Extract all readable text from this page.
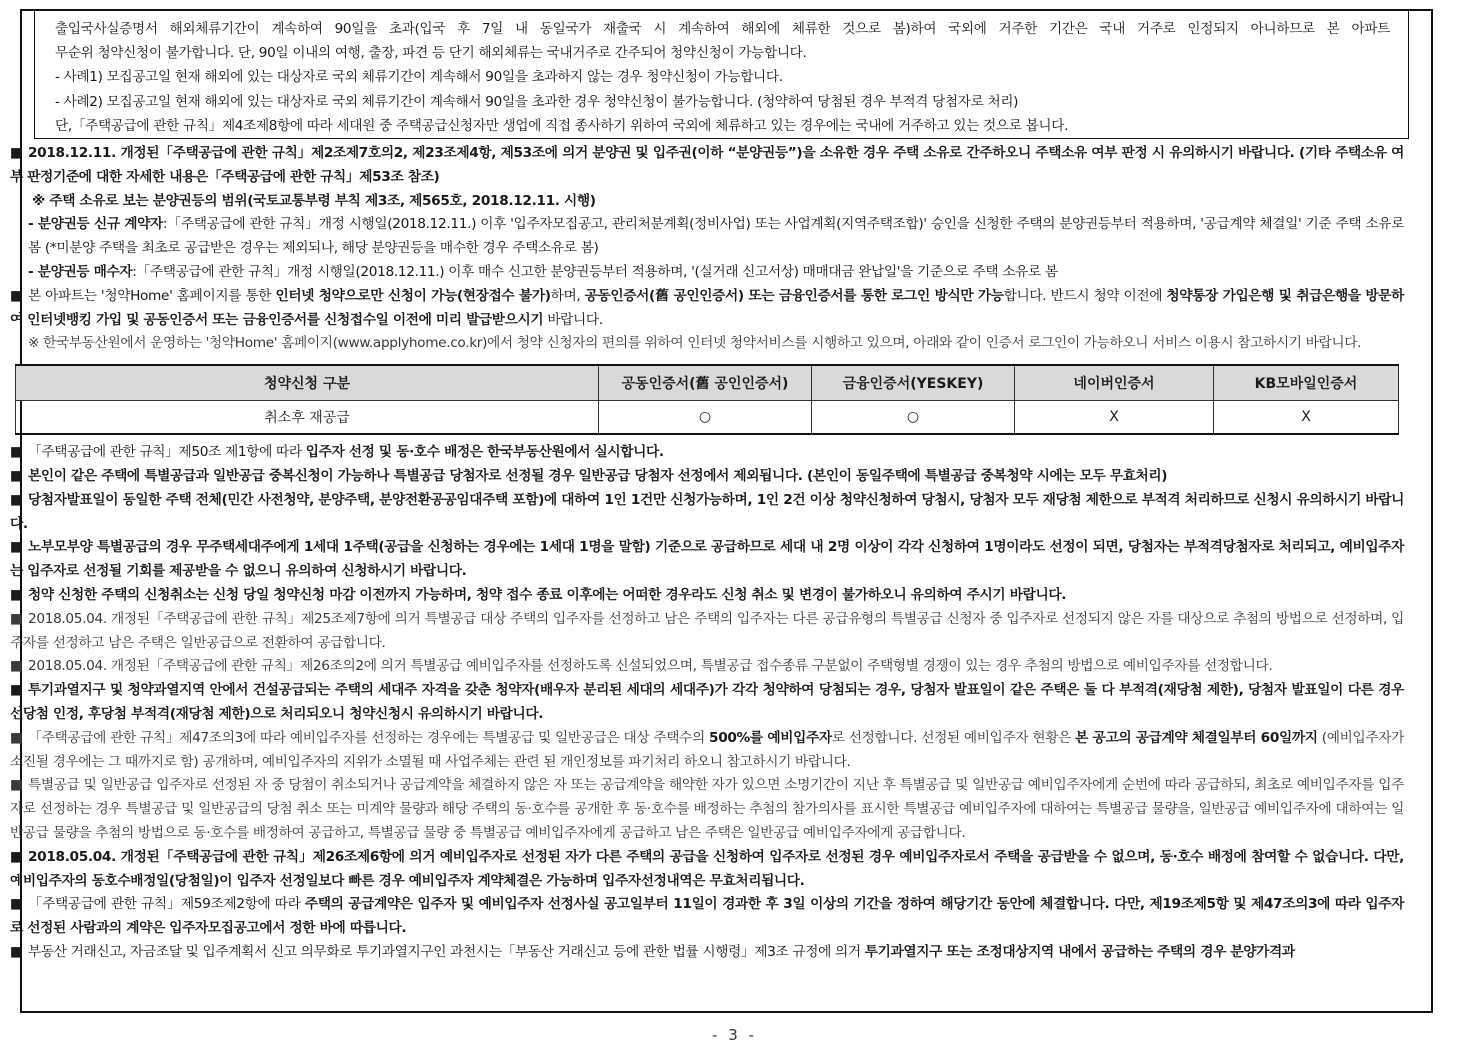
출입국사실증명서 해외체류기간이 계속하여 90일을 초과(입국 후 7일 내 동일국가 재출국 시 계속하여 해외에 체류한 것으로 봄)하여 국외에 거주한 기간은 국내 거주로 인정되지 아니하므로 본 아파트
무순위 청약신청이 불가합니다. 단, 90일 이내의 여행, 출장, 파견 등 단기 해외체류는 국내거주로 간주되어 청약신청이 가능합니다.
- 사례1) 모집공고일 현재 해외에 있는 대상자로 국외 체류기간이 계속해서 90일을 초과하지 않는 경우 청약신청이 가능합니다.
- 사례2) 모집공고일 현재 해외에 있는 대상자로 국외 체류기간이 계속해서 90일을 초과한 경우 청약신청이 불가능합니다. (청약하여 당첨된 경우 부적격 당첨자로 처리)
단,「주택공급에 관한 규칙」제4조제8항에 따라 세대원 중 주택공급신청자만 생업에 직접 종사하기 위하여 국외에 체류하고 있는 경우에는 국내에 거주하고 있는 것으로 봅니다.
■ 2018.12.11. 개정된「주택공급에 관한 규칙」제2조제7호의2, 제23조제4항, 제53조에 의거 분양권 및 입주권(이하 “분양권등”)을 소유한 경우 주택 소유로 간주하오니 주택소유 여부 판정 시 유의하시기 바랍니다. (기타 주택소유 여부 판정기준에 대한 자세한 내용은「주택공급에 관한 규칙」제53조 참조)
※ 주택 소유로 보는 분양권등의 범위(국토교통부령 부칙 제3조, 제565호, 2018.12.11. 시행)
- 분양권등 신규 계약자:「주택공급에 관한 규칙」개정 시행일(2018.12.11.) 이후 '입주자모집공고, 관리처분계획(정비사업) 또는 사업계획(지역주택조합)' 승인을 신청한 주택의 분양권등부터 적용하며, '공급계약 체결일' 기준 주택 소유로 봄 (*미분양 주택을 최초로 공급받은 경우는 제외되나, 해당 분양권등을 매수한 경우 주택소유로 봄)
- 분양권등 매수자:「주택공급에 관한 규칙」개정 시행일(2018.12.11.) 이후 매수 신고한 분양권등부터 적용하며, '(실거래 신고서상) 매매대금 완납일'을 기준으로 주택 소유로 봄
■ 본 아파트는 '청약Home' 홈페이지를 통한 인터넷 청약으로만 신청이 가능(현장접수 불가)하며, 공동인증서(舊 공인인증서) 또는 금융인증서를 통한 로그인 방식만 가능합니다. 반드시 청약 이전에 청약통장 가입은행 및 취급은행을 방문하여 인터넷뱅킹 가입 및 공동인증서 또는 금융인증서를 신청접수일 이전에 미리 발급받으시기 바랍니다.
※ 한국부동산원에서 운영하는 '청약Home' 홈페이지(www.applyhome.co.kr)에서 청약 신청자의 편의를 위하여 인터넷 청약서비스를 시행하고 있으며, 아래와 같이 인증서 로그인이 가능하오니 서비스 이용시 참고하시기 바랍니다.
청약신청 구분	공동인증서(舊 공인인증서)	금융인증서(YESKEY)	네이버인증서	KB모바일인증서
취소후 재공급	○	○	X	X
■ 「주택공급에 관한 규칙」제50조 제1항에 따라 입주자 선정 및 동·호수 배정은 한국부동산원에서 실시합니다.
■ 본인이 같은 주택에 특별공급과 일반공급 중복신청이 가능하나 특별공급 당첨자로 선정될 경우 일반공급 당첨자 선정에서 제외됩니다. (본인이 동일주택에 특별공급 중복청약 시에는 모두 무효처리)
■ 당첨자발표일이 동일한 주택 전체(민간 사전청약, 분양주택, 분양전환공공임대주택 포함)에 대하여 1인 1건만 신청가능하며, 1인 2건 이상 청약신청하여 당첨시, 당첨자 모두 재당첨 제한으로 부적격 처리하므로 신청시 유의하시기 바랍니다.
■ 노부모부양 특별공급의 경우 무주택세대주에게 1세대 1주택(공급을 신청하는 경우에는 1세대 1명을 말함) 기준으로 공급하므로 세대 내 2명 이상이 각각 신청하여 1명이라도 선정이 되면, 당첨자는 부적격당첨자로 처리되고, 예비입주자는 입주자로 선정될 기회를 제공받을 수 없으니 유의하여 신청하시기 바랍니다.
■ 청약 신청한 주택의 신청취소는 신청 당일 청약신청 마감 이전까지 가능하며, 청약 접수 종료 이후에는 어떠한 경우라도 신청 취소 및 변경이 불가하오니 유의하여 주시기 바랍니다.
■ 2018.05.04. 개정된「주택공급에 관한 규칙」제25조제7항에 의거 특별공급 대상 주택의 입주자를 선정하고 남은 주택의 입주자는 다른 공급유형의 특별공급 신청자 중 입주자로 선정되지 않은 자를 대상으로 추첨의 방법으로 선정하며, 입주자를 선정하고 남은 주택은 일반공급으로 전환하여 공급합니다.
■ 2018.05.04. 개정된「주택공급에 관한 규칙」제26조의2에 의거 특별공급 예비입주자를 선정하도록 신설되었으며, 특별공급 접수종류 구분없이 주택형별 경쟁이 있는 경우 추첨의 방법으로 예비입주자를 선정합니다.
■ 투기과열지구 및 청약과열지역 안에서 건설공급되는 주택의 세대주 자격을 갖춘 청약자(배우자 분리된 세대의 세대주)가 각각 청약하여 당첨되는 경우, 당첨자 발표일이 같은 주택은 둘 다 부적격(재당첨 제한), 당첨자 발표일이 다른 경우 선당첨 인정, 후당첨 부적격(재당첨 제한)으로 처리되오니 청약신청시 유의하시기 바랍니다.
■ 「주택공급에 관한 규칙」제47조의3에 따라 예비입주자를 선정하는 경우에는 특별공급 및 일반공급은 대상 주택수의 500%를 예비입주자로 선정합니다. 선정된 예비입주자 현황은 본 공고의 공급계약 체결일부터 60일까지 (예비입주자가 소진될 경우에는 그 때까지로 함) 공개하며, 예비입주자의 지위가 소멸될 때 사업주체는 관련 된 개인정보를 파기처리 하오니 참고하시기 바랍니다.
■ 특별공급 및 일반공급 입주자로 선정된 자 중 당첨이 취소되거나 공급계약을 체결하지 않은 자 또는 공급계약을 해약한 자가 있으면 소명기간이 지난 후 특별공급 및 일반공급 예비입주자에게 순번에 따라 공급하되, 최초로 예비입주자를 입주자로 선정하는 경우 특별공급 및 일반공급의 당첨 취소 또는 미계약 물량과 해당 주택의 동·호수를 공개한 후 동·호수를 배정하는 추첨의 참가의사를 표시한 특별공급 예비입주자에 대하여는 특별공급 물량을, 일반공급 예비입주자에 대하여는 일반공급 물량을 추첨의 방법으로 동·호수를 배정하여 공급하고, 특별공급 물량 중 특별공급 예비입주자에게 공급하고 남은 주택은 일반공급 예비입주자에게 공급합니다.
■ 2018.05.04. 개정된「주택공급에 관한 규칙」제26조제6항에 의거 예비입주자로 선정된 자가 다른 주택의 공급을 신청하여 입주자로 선정된 경우 예비입주자로서 주택을 공급받을 수 없으며, 동·호수 배정에 참여할 수 없습니다. 다만, 예비입주자의 동호수배정일(당첨일)이 입주자 선정일보다 빠른 경우 예비입주자 계약체결은 가능하며 입주자선정내역은 무효처리됩니다.
■ 「주택공급에 관한 규칙」제59조제2항에 따라 주택의 공급계약은 입주자 및 예비입주자 선정사실 공고일부터 11일이 경과한 후 3일 이상의 기간을 정하여 해당기간 동안에 체결합니다. 다만, 제19조제5항 및 제47조의3에 따라 입주자로 선정된 사람과의 계약은 입주자모집공고에서 정한 바에 따릅니다.
■ 부동산 거래신고, 자금조달 및 입주계획서 신고 의무화로 투기과열지구인 과천시는「부동산 거래신고 등에 관한 법률 시행령」제3조 규정에 의거 투기과열지구 또는 조정대상지역 내에서 공급하는 주택의 경우 분양가격과
- 3 -
